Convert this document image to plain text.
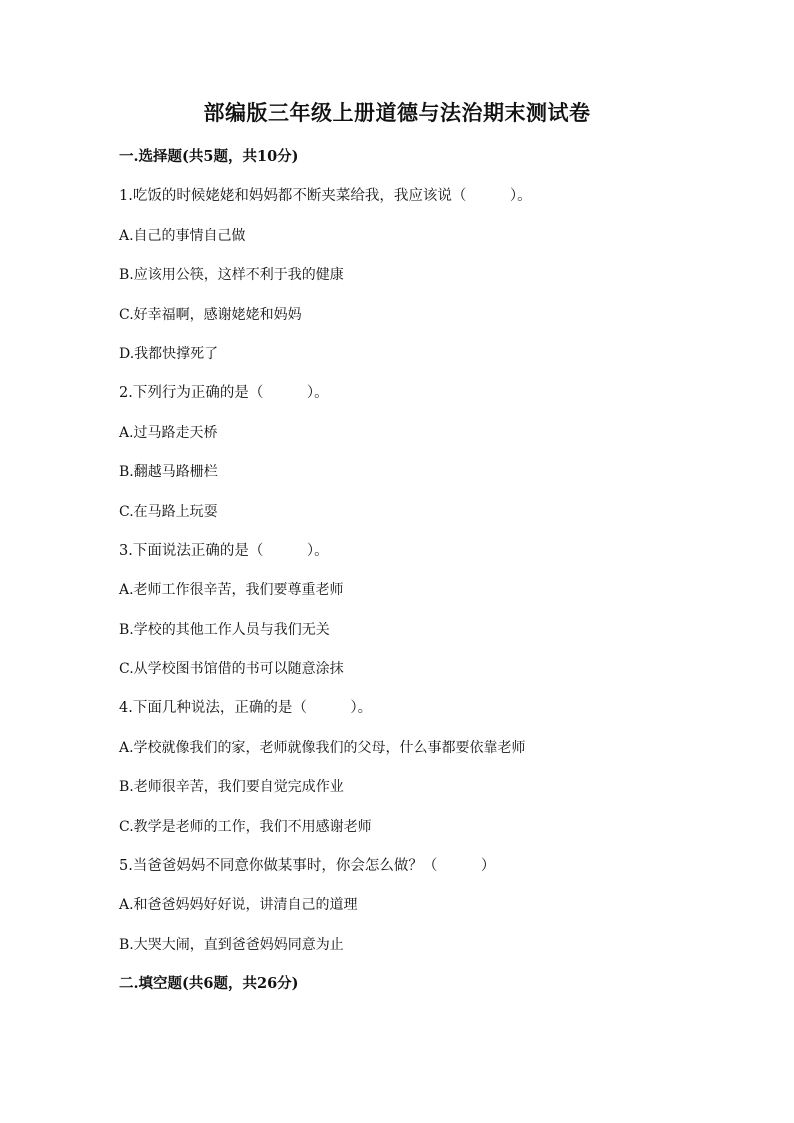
部编版三年级上册道德与法治期末测试卷
一.选择题(共5题，共10分)
1.吃饭的时候姥姥和妈妈都不断夹菜给我，我应该说（　　　）。
A.自己的事情自己做
B.应该用公筷，这样不利于我的健康
C.好幸福啊，感谢姥姥和妈妈
D.我都快撑死了
2.下列行为正确的是（　　　）。
A.过马路走天桥
B.翻越马路栅栏
C.在马路上玩耍
3.下面说法正确的是（　　　）。
A.老师工作很辛苦，我们要尊重老师
B.学校的其他工作人员与我们无关
C.从学校图书馆借的书可以随意涂抹
4.下面几种说法，正确的是（　　　）。
A.学校就像我们的家，老师就像我们的父母，什么事都要依靠老师
B.老师很辛苦，我们要自觉完成作业
C.教学是老师的工作，我们不用感谢老师
5.当爸爸妈妈不同意你做某事时，你会怎么做？（　　　）
A.和爸爸妈妈好好说，讲清自己的道理
B.大哭大闹，直到爸爸妈妈同意为止
二.填空题(共6题，共26分)
